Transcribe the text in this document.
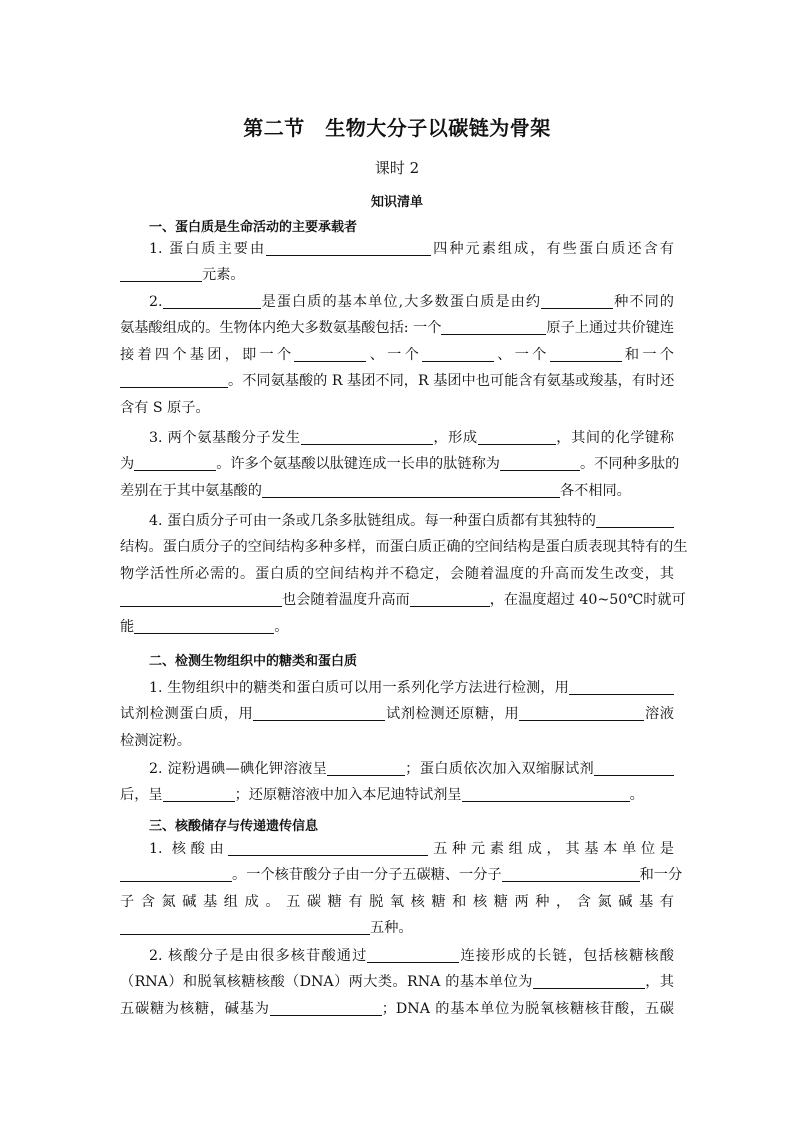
第二节　生物大分子以碳链为骨架
课时 2
知识清单
一、蛋白质是生命活动的主要承载者
1. 蛋白质主要由	四种元素组成，有些蛋白质还含有
元素。
2.	是蛋白质的基本单位,大多数蛋白质是由约	种不同的
氨基酸组成的。生物体内绝大多数氨基酸包括: 一个	原子上通过共价键连
接着四个基团，即一个	、一个	、一个	和一个
。不同氨基酸的 R 基团不同，R 基团中也可能含有氨基或羧基，有时还
含有 S 原子。
3. 两个氨基酸分子发生	，形成	，其间的化学键称
为	。许多个氨基酸以肽键连成一长串的肽链称为	。不同种多肽的
差别在于其中氨基酸的	各不相同。
4. 蛋白质分子可由一条或几条多肽链组成。每一种蛋白质都有其独特的
结构。蛋白质分子的空间结构多种多样，而蛋白质正确的空间结构是蛋白质表现其特有的生
物学活性所必需的。蛋白质的空间结构并不稳定，会随着温度的升高而发生改变，其
也会随着温度升高而	，在温度超过 40~50℃时就可
能	。
二、检测生物组织中的糖类和蛋白质
1. 生物组织中的糖类和蛋白质可以用一系列化学方法进行检测，用
试剂检测蛋白质，用	试剂检测还原糖，用	溶液
检测淀粉。
2. 淀粉遇碘—碘化钾溶液呈	；蛋白质依次加入双缩脲试剂
后，呈	；还原糖溶液中加入本尼迪特试剂呈	。
三、核酸储存与传递遗传信息
1. 核酸由	五种元素组成，其基本单位是
。一个核苷酸分子由一分子五碳糖、一分子	和一分
子含氮碱基组成。五碳糖有脱氧核糖和核糖两种，含氮碱基有
五种。
2. 核酸分子是由很多核苷酸通过	连接形成的长链，包括核糖核酸
（RNA）和脱氧核糖核酸（DNA）两大类。RNA 的基本单位为	，其
五碳糖为核糖，碱基为	；DNA 的基本单位为脱氧核糖核苷酸，五碳
